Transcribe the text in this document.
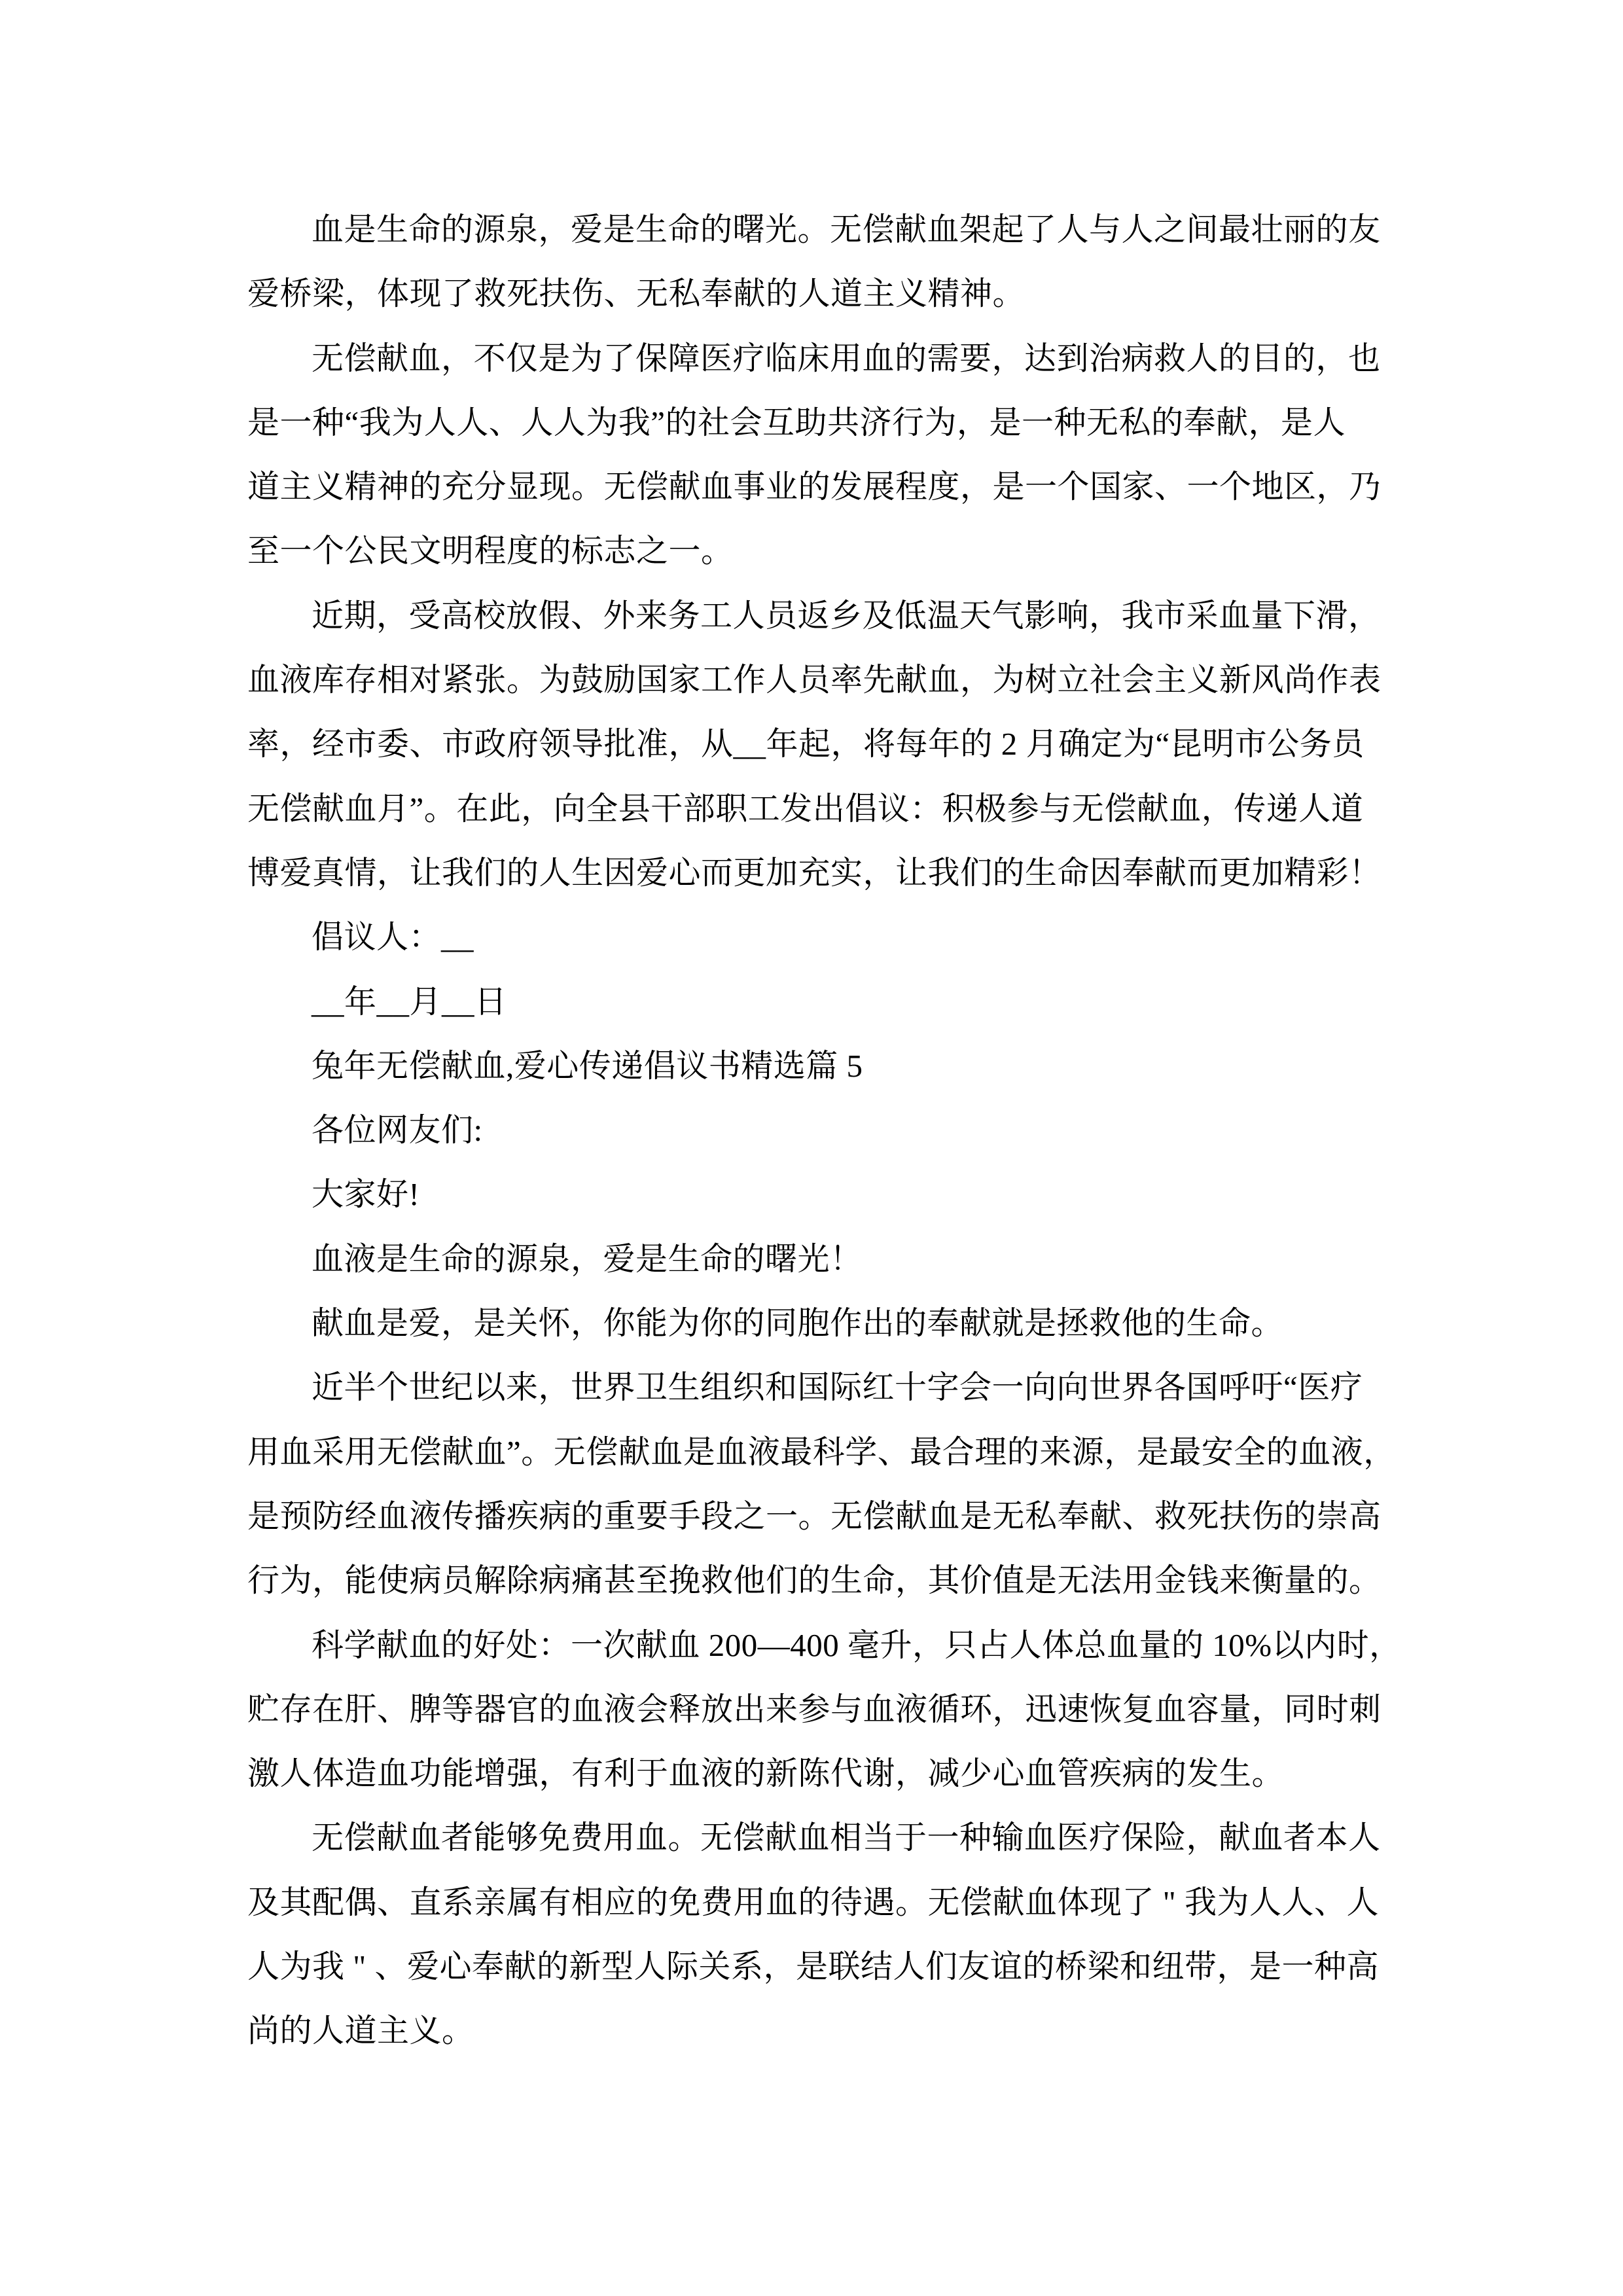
血是生命的源泉，爱是生命的曙光。无偿献血架起了人与人之间最壮丽的友
爱桥梁，体现了救死扶伤、无私奉献的人道主义精神。
无偿献血，不仅是为了保障医疗临床用血的需要，达到治病救人的目的，也
是一种“我为人人、人人为我”的社会互助共济行为，是一种无私的奉献，是人
道主义精神的充分显现。无偿献血事业的发展程度，是一个国家、一个地区，乃
至一个公民文明程度的标志之一。
近期，受高校放假、外来务工人员返乡及低温天气影响，我市采血量下滑，
血液库存相对紧张。为鼓励国家工作人员率先献血，为树立社会主义新风尚作表
率，经市委、市政府领导批准，从__年起，将每年的 2 月确定为“昆明市公务员
无偿献血月”。在此，向全县干部职工发出倡议：积极参与无偿献血，传递人道
博爱真情，让我们的人生因爱心而更加充实，让我们的生命因奉献而更加精彩！
倡议人：__
__年__月__日
兔年无偿献血,爱心传递倡议书精选篇 5
各位网友们:
大家好!
血液是生命的源泉，爱是生命的曙光！
献血是爱，是关怀，你能为你的同胞作出的奉献就是拯救他的生命。
近半个世纪以来，世界卫生组织和国际红十字会一向向世界各国呼吁“医疗
用血采用无偿献血”。无偿献血是血液最科学、最合理的来源，是最安全的血液，
是预防经血液传播疾病的重要手段之一。无偿献血是无私奉献、救死扶伤的崇高
行为，能使病员解除病痛甚至挽救他们的生命，其价值是无法用金钱来衡量的。
科学献血的好处：一次献血 200—400 毫升，只占人体总血量的 10%以内时，
贮存在肝、脾等器官的血液会释放出来参与血液循环，迅速恢复血容量，同时刺
激人体造血功能增强，有利于血液的新陈代谢，减少心血管疾病的发生。
无偿献血者能够免费用血。无偿献血相当于一种输血医疗保险，献血者本人
及其配偶、直系亲属有相应的免费用血的待遇。无偿献血体现了 " 我为人人、人
人为我 " 、爱心奉献的新型人际关系，是联结人们友谊的桥梁和纽带，是一种高
尚的人道主义。
